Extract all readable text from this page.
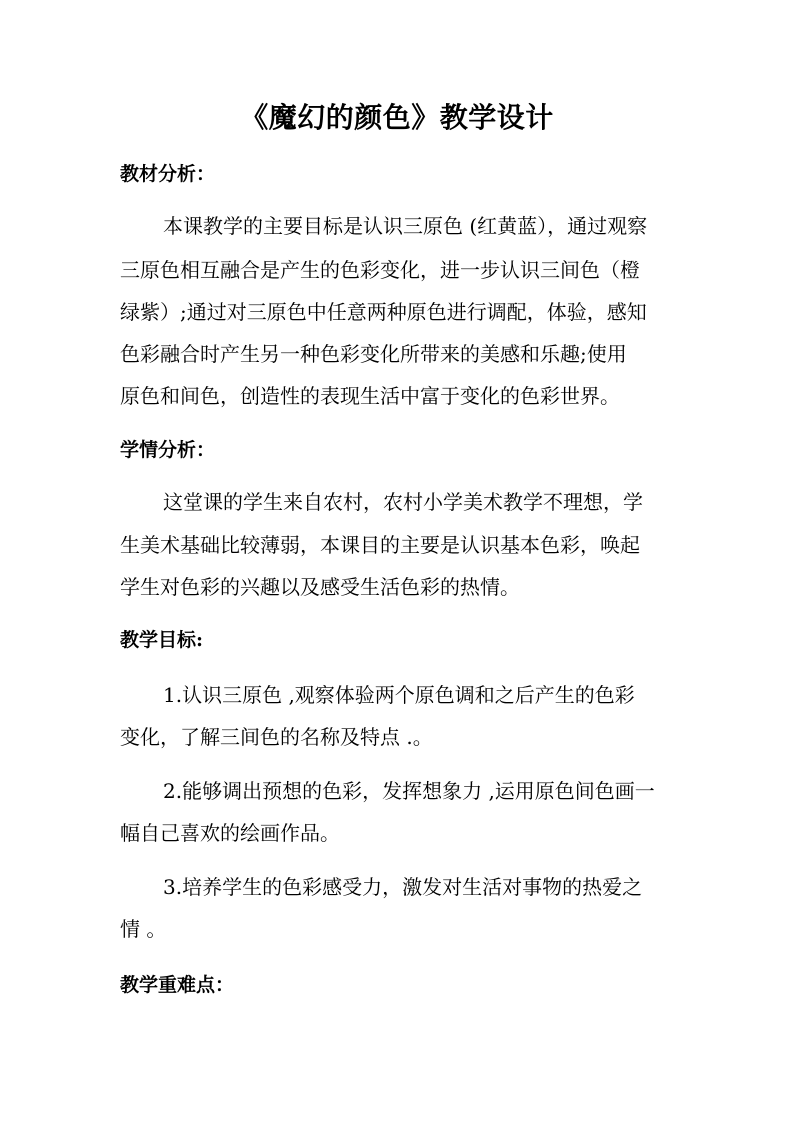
《魔幻的颜色》教学设计
教材分析：
本课教学的主要目标是认识三原色 (红黄蓝），通过观察
三原色相互融合是产生的色彩变化，进一步认识三间色（橙
绿紫）;通过对三原色中任意两种原色进行调配，体验，感知
色彩融合时产生另一种色彩变化所带来的美感和乐趣;使用
原色和间色，创造性的表现生活中富于变化的色彩世界。
学情分析：
这堂课的学生来自农村，农村小学美术教学不理想，学
生美术基础比较薄弱，本课目的主要是认识基本色彩，唤起
学生对色彩的兴趣以及感受生活色彩的热情。
教学目标:
1.认识三原色 ,观察体验两个原色调和之后产生的色彩
变化，了解三间色的名称及特点 .。
2.能够调出预想的色彩，发挥想象力 ,运用原色间色画一
幅自己喜欢的绘画作品。
3.培养学生的色彩感受力，激发对生活对事物的热爱之
情 。
教学重难点：
